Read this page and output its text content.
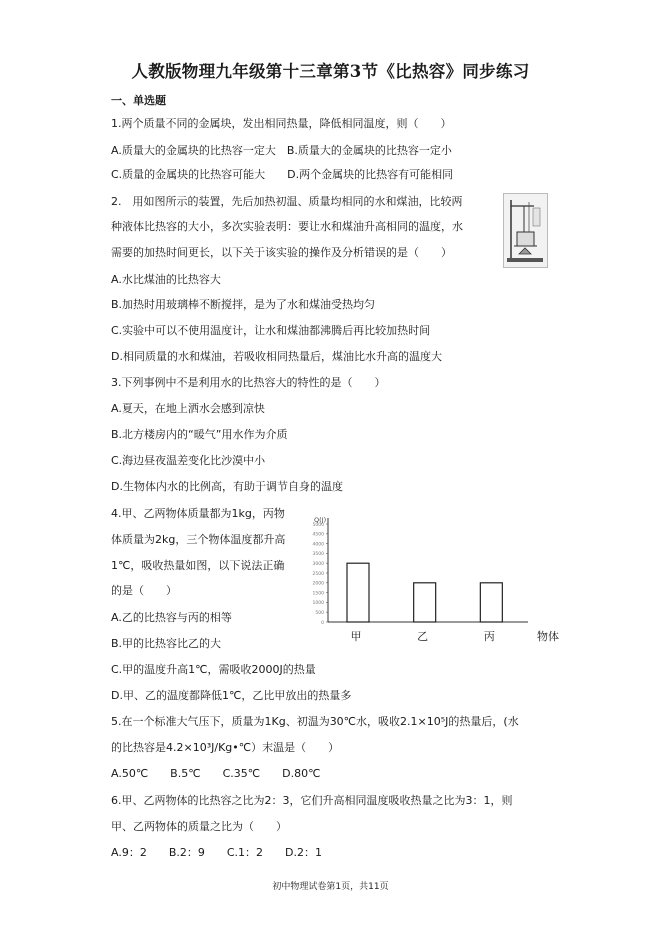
人教版物理九年级第十三章第3节《比热容》同步练习
一、单选题
1.两个质量不同的金属块，发出相同热量，降低相同温度，则（　　）
A.质量大的金属块的比热容一定大　B.质量大的金属块的比热容一定小
C.质量的金属块的比热容可能大　　D.两个金属块的比热容有可能相同
2.　用如图所示的装置，先后加热初温、质量均相同的水和煤油，比较两
种液体比热容的大小，多次实验表明：要让水和煤油升高相同的温度，水
需要的加热时间更长，以下关于该实验的操作及分析错误的是（　　）
A.水比煤油的比热容大
B.加热时用玻璃棒不断搅拌，是为了水和煤油受热均匀
C.实验中可以不使用温度计，让水和煤油都沸腾后再比较加热时间
D.相同质量的水和煤油，若吸收相同热量后，煤油比水升高的温度大
3.下列事例中不是利用水的比热容大的特性的是（　　）
A.夏天，在地上洒水会感到凉快
B.北方楼房内的“暖气”用水作为介质
C.海边昼夜温差变化比沙漠中小
D.生物体内水的比例高，有助于调节自身的温度
4.甲、乙两物体质量都为1kg，丙物
体质量为2kg，三个物体温度都升高
1℃，吸收热量如图，以下说法正确
的是（　　）
A.乙的比热容与丙的相等
B.甲的比热容比乙的大
C.甲的温度升高1℃，需吸收2000J的热量
D.甲、乙的温度都降低1℃，乙比甲放出的热量多
5.在一个标准大气压下，质量为1Kg、初温为30℃水，吸收2.1×10⁵J的热量后，(水
的比热容是4.2×10³J/Kg•℃）末温是（　　）
A.50℃　　B.5℃　　C.35℃　　D.80℃
6.甲、乙两物体的比热容之比为2：3，它们升高相同温度吸收热量之比为3：1，则
甲、乙两物体的质量之比为（　　）
A.9：2　　B.2：9　　C.1：2　　D.2：1
0
500
1000
1500
2000
2500
3000
3500
4000
4500
5000
Q(J)
甲	乙	丙	物体
初中物理试卷第1页，共11页
